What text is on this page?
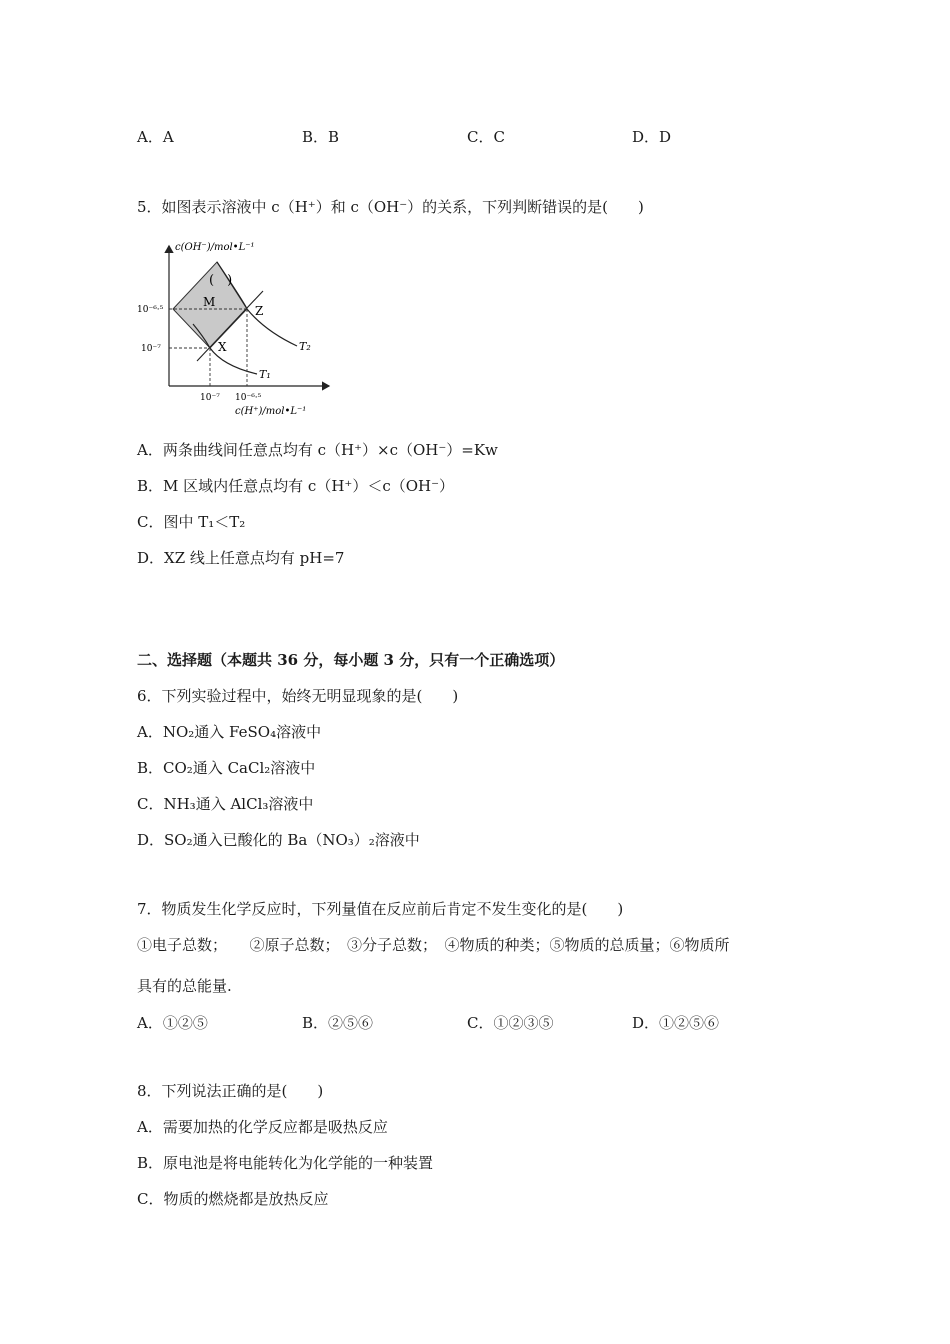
A．A	B．B	C．C	D．D
5．如图表示溶液中 c（H⁺）和 c（OH⁻）的关系，下列判断错误的是(　　)
c(OH⁻)/mol•L⁻¹
c(H⁺)/mol•L⁻¹
10⁻⁶·⁵
10⁻⁷
10⁻⁷ 10⁻⁶·⁵
M
X
Z
T₁
T₂
(　)
A．两条曲线间任意点均有 c（H⁺）×c（OH⁻）=Kw
B．M 区域内任意点均有 c（H⁺）＜c（OH⁻）
C．图中 T₁＜T₂
D．XZ 线上任意点均有 pH=7
二、选择题（本题共 36 分，每小题 3 分，只有一个正确选项）
6．下列实验过程中，始终无明显现象的是(　　)
A．NO₂通入 FeSO₄溶液中
B．CO₂通入 CaCl₂溶液中
C．NH₃通入 AlCl₃溶液中
D．SO₂通入已酸化的 Ba（NO₃）₂溶液中
7．物质发生化学反应时，下列量值在反应前后肯定不发生变化的是(　　)
①电子总数；　　②原子总数；　③分子总数；　④物质的种类；⑤物质的总质量；⑥物质所
具有的总能量.
A．①②⑤	B．②⑤⑥	C．①②③⑤	D．①②⑤⑥
8．下列说法正确的是(　　)
A．需要加热的化学反应都是吸热反应
B．原电池是将电能转化为化学能的一种装置
C．物质的燃烧都是放热反应
